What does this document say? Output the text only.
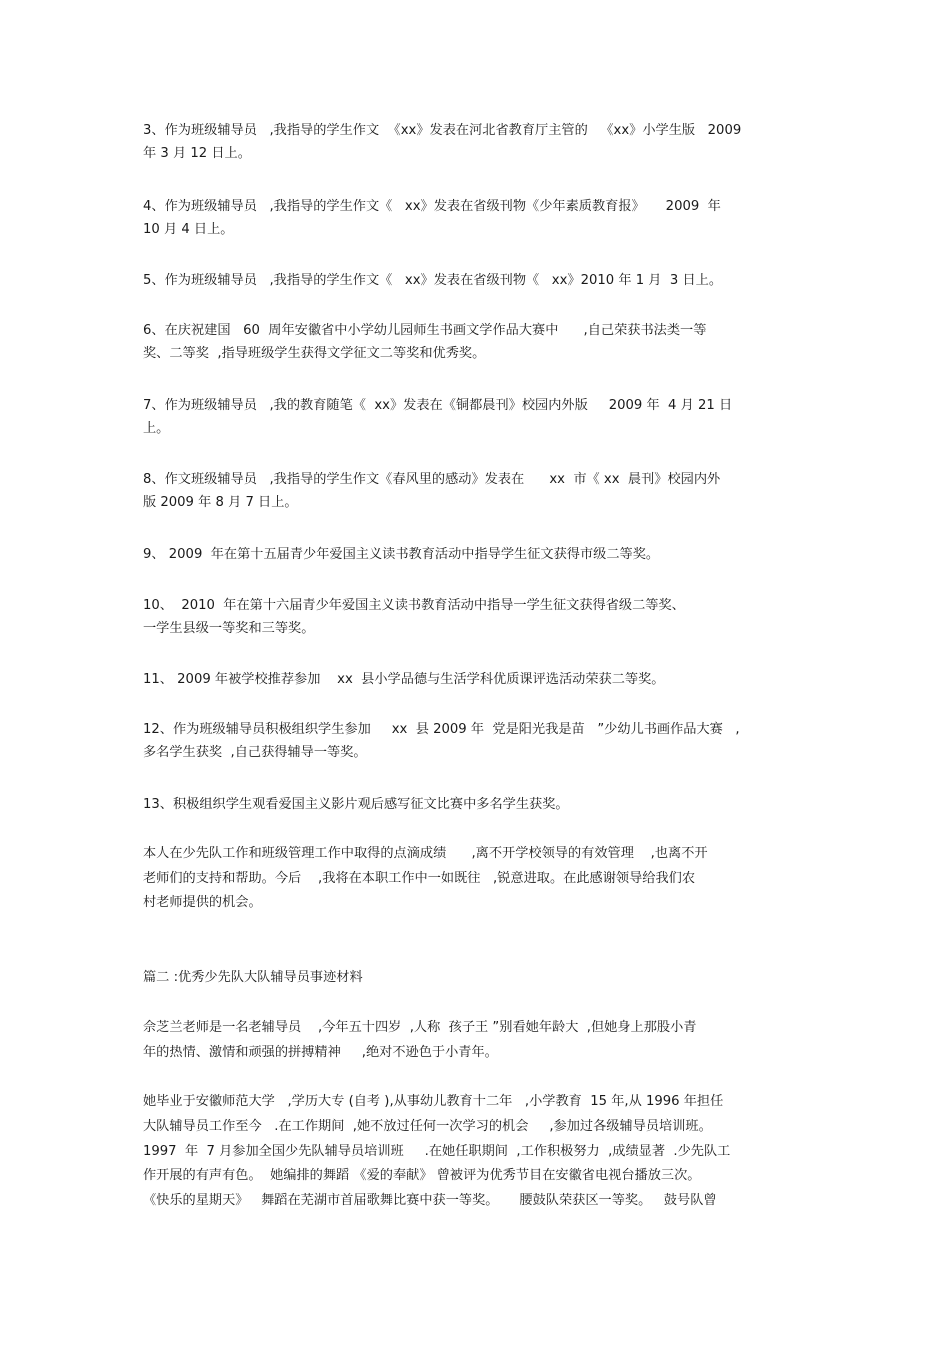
3、作为班级辅导员   ,我指导的学生作文  《xx》发表在河北省教育厅主管的   《xx》小学生版   2009
年 3 月 12 日上。
4、作为班级辅导员   ,我指导的学生作文《   xx》发表在省级刊物《少年素质教育报》     2009  年
10 月 4 日上。
5、作为班级辅导员   ,我指导的学生作文《   xx》发表在省级刊物《   xx》2010 年 1 月  3 日上。
6、在庆祝建国   60  周年安徽省中小学幼儿园师生书画文学作品大赛中      ,自己荣获书法类一等
奖、二等奖  ,指导班级学生获得文学征文二等奖和优秀奖。
7、作为班级辅导员   ,我的教育随笔《  xx》发表在《铜都晨刊》校园内外版     2009 年  4 月 21 日
上。
8、作文班级辅导员   ,我指导的学生作文《春风里的感动》发表在      xx  市《 xx  晨刊》校园内外
版 2009 年 8 月 7 日上。
9、 2009  年在第十五届青少年爱国主义读书教育活动中指导学生征文获得市级二等奖。
10、  2010  年在第十六届青少年爱国主义读书教育活动中指导一学生征文获得省级二等奖、
一学生县级一等奖和三等奖。
11、 2009 年被学校推荐参加    xx  县小学品德与生活学科优质课评选活动荣获二等奖。
12、作为班级辅导员积极组织学生参加     xx  县 2009 年  党是阳光我是苗   ”少幼儿书画作品大赛   ,
多名学生获奖  ,自己获得辅导一等奖。
13、积极组织学生观看爱国主义影片观后感写征文比赛中多名学生获奖。
本人在少先队工作和班级管理工作中取得的点滴成绩      ,离不开学校领导的有效管理    ,也离不开
老师们的支持和帮助。今后    ,我将在本职工作中一如既往   ,锐意进取。在此感谢领导给我们农
村老师提供的机会。
篇二 :优秀少先队大队辅导员事迹材料
佘芝兰老师是一名老辅导员    ,今年五十四岁  ,人称  孩子王 ”别看她年龄大  ,但她身上那股小青
年的热情、激情和顽强的拼搏精神     ,绝对不逊色于小青年。
她毕业于安徽师范大学   ,学历大专 (自考 ),从事幼儿教育十二年   ,小学教育  15 年,从 1996 年担任
大队辅导员工作至今   .在工作期间  ,她不放过任何一次学习的机会     ,参加过各级辅导员培训班。
1997  年  7 月参加全国少先队辅导员培训班     .在她任职期间  ,工作积极努力  ,成绩显著  .少先队工
作开展的有声有色。  她编排的舞蹈 《爱的奉献》 曾被评为优秀节目在安徽省电视台播放三次。
《快乐的星期天》   舞蹈在芜湖市首届歌舞比赛中获一等奖。     腰鼓队荣获区一等奖。   鼓号队曾
